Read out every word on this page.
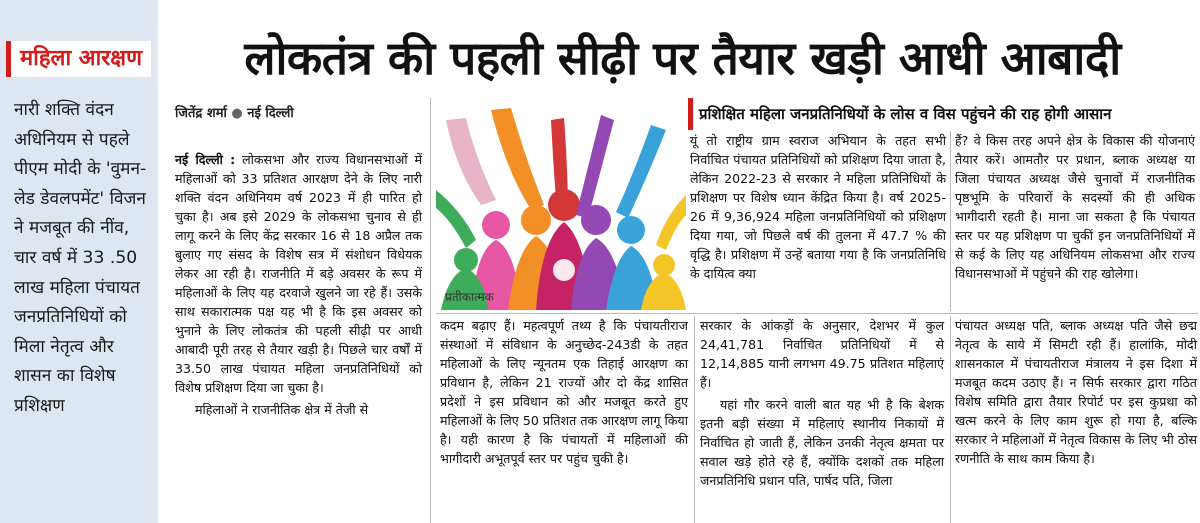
महिला आरक्षण
नारी शक्ति वंदन अधिनियम से पहले पीएम मोदी के 'वुमन-लेड डेवलपमेंट' विजन ने मजबूत की नींव, चार वर्ष में 33 .50 लाख महिला पंचायत जनप्रतिनिधियों को मिला नेतृत्व और शासन का विशेष प्रशिक्षण
लोकतंत्र की पहली सीढ़ी पर तैयार खड़ी आधी आबादी
जितेंद्र शर्मा ● नई दिल्ली

नई दिल्ली : लोकसभा और राज्य विधानसभाओं में महिलाओं को 33 प्रतिशत आरक्षण देने के लिए नारी शक्ति वंदन अधिनियम वर्ष 2023 में ही पारित हो चुका है। अब इसे 2029 के लोकसभा चुनाव से ही लागू करने के लिए केंद्र सरकार 16 से 18 अप्रैल तक बुलाए गए संसद के विशेष सत्र में संशोधन विधेयक लेकर आ रही है। राजनीति में बड़े अवसर के रूप में महिलाओं के लिए यह दरवाजे खुलने जा रहे हैं। उसके साथ सकारात्मक पक्ष यह भी है कि इस अवसर को भुनाने के लिए लोकतंत्र की पहली सीढ़ी पर आधी आबादी पूरी तरह से तैयार खड़ी है। पिछले चार वर्षों में 33.50 लाख पंचायत महिला जनप्रतिनिधियों को विशेष प्रशिक्षण दिया जा चुका है।

महिलाओं ने राजनीतिक क्षेत्र में तेजी से

प्रतीकात्मक
प्रशिक्षित महिला जनप्रतिनिधियों के लोस व विस पहुंचने की राह होगी आसान

यूं तो राष्ट्रीय ग्राम स्वराज अभियान के तहत सभी निर्वाचित पंचायत प्रतिनिधियों को प्रशिक्षण दिया जाता है, लेकिन 2022-23 से सरकार ने महिला प्रतिनिधियों के प्रशिक्षण पर विशेष ध्यान केंद्रित किया है। वर्ष 2025-26 में 9,36,924 महिला जनप्रतिनिधियों को प्रशिक्षण दिया गया, जो पिछले वर्ष की तुलना में 47.7 % की वृद्धि है। प्रशिक्षण में उन्हें बताया गया है कि जनप्रतिनिधि के दायित्व क्या

हैं? वे किस तरह अपने क्षेत्र के विकास की योजनाएं तैयार करें। आमतौर पर प्रधान, ब्लाक अध्यक्ष या जिला पंचायत अध्यक्ष जैसे चुनावों में राजनीतिक पृष्ठभूमि के परिवारों के सदस्यों की ही अधिक भागीदारी रहती है। माना जा सकता है कि पंचायत स्तर पर यह प्रशिक्षण पा चुकीं इन जनप्रतिनिधियों में से कई के लिए यह अधिनियम लोकसभा और राज्य विधानसभाओं में पहुंचने की राह खोलेगा।

कदम बढ़ाए हैं। महत्वपूर्ण तथ्य है कि पंचायतीराज संस्थाओं में संविधान के अनुच्छेद-243डी के तहत महिलाओं के लिए न्यूनतम एक तिहाई आरक्षण का प्रविधान है, लेकिन 21 राज्यों और दो केंद्र शासित प्रदेशों ने इस प्रविधान को और मजबूत करते हुए महिलाओं के लिए 50 प्रतिशत तक आरक्षण लागू किया है। यही कारण है कि पंचायतों में महिलाओं की भागीदारी अभूतपूर्व स्तर पर पहुंच चुकी है।

सरकार के आंकड़ों के अनुसार, देशभर में कुल 24,41,781 निर्वाचित प्रतिनिधियों में से 12,14,885 यानी लगभग 49.75 प्रतिशत महिलाएं हैं।

यहां गौर करने वाली बात यह भी है कि बेशक इतनी बड़ी संख्या में महिलाएं स्थानीय निकायों में निर्वाचित हो जाती हैं, लेकिन उनकी नेतृत्व क्षमता पर सवाल खड़े होते रहे हैं, क्योंकि दशकों तक महिला जनप्रतिनिधि प्रधान पति, पार्षद पति, जिला

पंचायत अध्यक्ष पति, ब्लाक अध्यक्ष पति जैसे छद्म नेतृत्व के साये में सिमटी रही हैं। हालांकि, मोदी शासनकाल में पंचायतीराज मंत्रालय ने इस दिशा में मजबूत कदम उठाए हैं। न सिर्फ सरकार द्वारा गठित विशेष समिति द्वारा तैयार रिपोर्ट पर इस कुप्रथा को खत्म करने के लिए काम शुरू हो गया है, बल्कि सरकार ने महिलाओं में नेतृत्व विकास के लिए भी ठोस रणनीति के साथ काम किया है।
